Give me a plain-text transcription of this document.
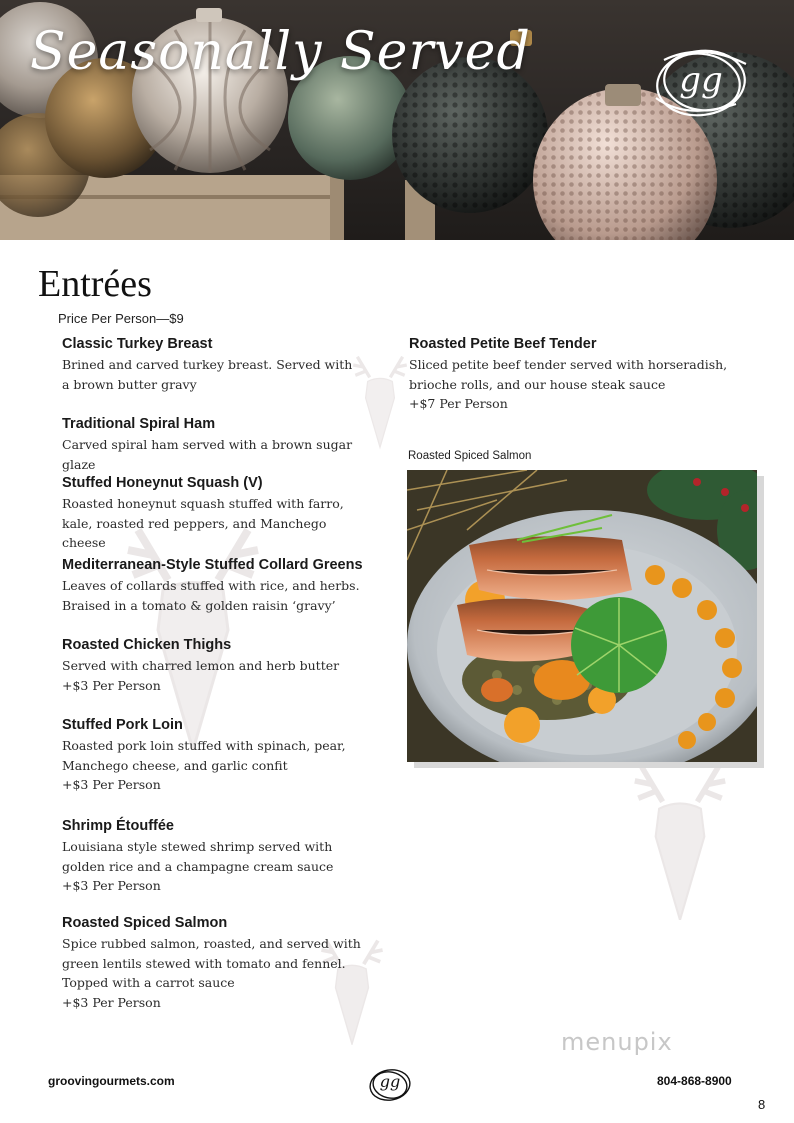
Seasonally Served	gg
Entrées
Price Per Person—$9
Classic Turkey Breast
Brined and carved turkey breast. Served with a brown butter gravy
Traditional Spiral Ham
Carved spiral ham served with a brown sugar glaze
Stuffed Honeynut Squash (V)
Roasted honeynut squash stuffed with farro, kale, roasted red peppers, and Manchego cheese
Mediterranean-Style Stuffed Collard Greens
Leaves of collards stuffed with rice, and herbs. Braised in a tomato & golden raisin ‘gravy’
Roasted Chicken Thighs
Served with charred lemon and herb butter
+$3 Per Person
Stuffed Pork Loin
Roasted pork loin stuffed with spinach, pear, Manchego cheese, and garlic confit
+$3 Per Person
Shrimp Étouffée
Louisiana style stewed shrimp served with golden rice and a champagne cream sauce
+$3 Per Person
Roasted Spiced Salmon
Spice rubbed salmon, roasted, and served with green lentils stewed with tomato and fennel. Topped with a carrot sauce
+$3 Per Person
Roasted Petite Beef Tender
Sliced petite beef tender served with horseradish, brioche rolls, and our house steak sauce
+$7 Per Person
Roasted Spiced Salmon
menupix
groovingourmets.com	gg	804-868-8900
8
